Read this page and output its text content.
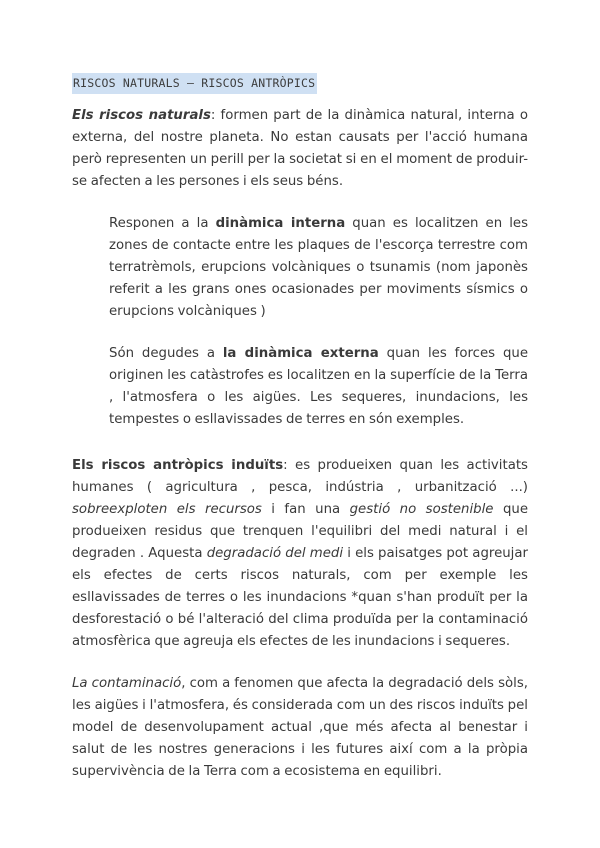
RISCOS NATURALS – RISCOS ANTRÒPICS

Els riscos naturals: formen part de la dinàmica natural, interna o externa, del nostre planeta. No estan causats per l'acció humana però representen un perill per la societat si en el moment de produir-se afecten a les persones i els seus béns.

Responen a la dinàmica interna quan es localitzen en les zones de contacte entre les plaques de l'escorça terrestre com terratrèmols, erupcions volcàniques o tsunamis (nom japonès referit a les grans ones ocasionades per moviments sísmics o erupcions volcàniques )

Són degudes a la dinàmica externa quan les forces que originen les catàstrofes es localitzen en la superfície de la Terra , l'atmosfera o les aigües. Les sequeres, inundacions, les tempestes o esllavissades de terres en són exemples.

Els riscos antròpics induïts: es produeixen quan les activitats humanes ( agricultura , pesca, indústria , urbanització ...) sobreexploten els recursos i fan una gestió no sostenible que produeixen residus que trenquen l'equilibri del medi natural i el degraden . Aquesta degradació del medi i els paisatges pot agreujar els efectes de certs riscos naturals, com per exemple les esllavissades de terres o les inundacions *quan s'han produït per la desforestació o bé l'alteració del clima produïda per la contaminació atmosfèrica que agreuja els efectes de les inundacions i sequeres.

La contaminació, com a fenomen que afecta la degradació dels sòls, les aigües i l'atmosfera, és considerada com un des riscos induïts pel model de desenvolupament actual ,que més afecta al benestar i salut de les nostres generacions i les futures així com a la pròpia supervivència de la Terra com a ecosistema en equilibri.
